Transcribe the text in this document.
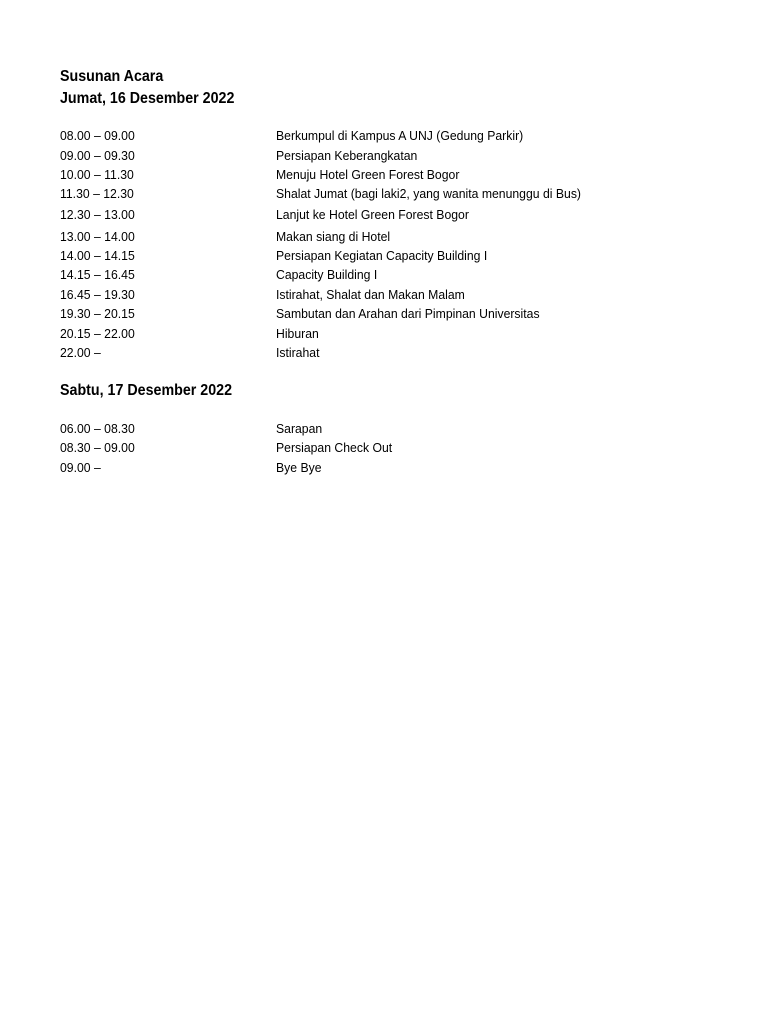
Susunan Acara
Jumat, 16 Desember 2022
08.00 – 09.00	Berkumpul di Kampus A UNJ (Gedung Parkir)
09.00 – 09.30	Persiapan Keberangkatan
10.00 – 11.30	Menuju Hotel Green Forest Bogor
11.30 – 12.30	Shalat Jumat (bagi laki2, yang wanita menunggu di Bus)
12.30 – 13.00	Lanjut ke Hotel Green Forest Bogor
13.00 – 14.00	Makan siang di Hotel
14.00 – 14.15	Persiapan Kegiatan Capacity Building I
14.15 – 16.45	Capacity Building I
16.45 – 19.30	Istirahat, Shalat dan Makan Malam
19.30 – 20.15	Sambutan dan Arahan dari Pimpinan Universitas
20.15 – 22.00	Hiburan
22.00 –	Istirahat
Sabtu, 17 Desember 2022
06.00 – 08.30	Sarapan
08.30 – 09.00	Persiapan Check Out
09.00 –	Bye Bye
